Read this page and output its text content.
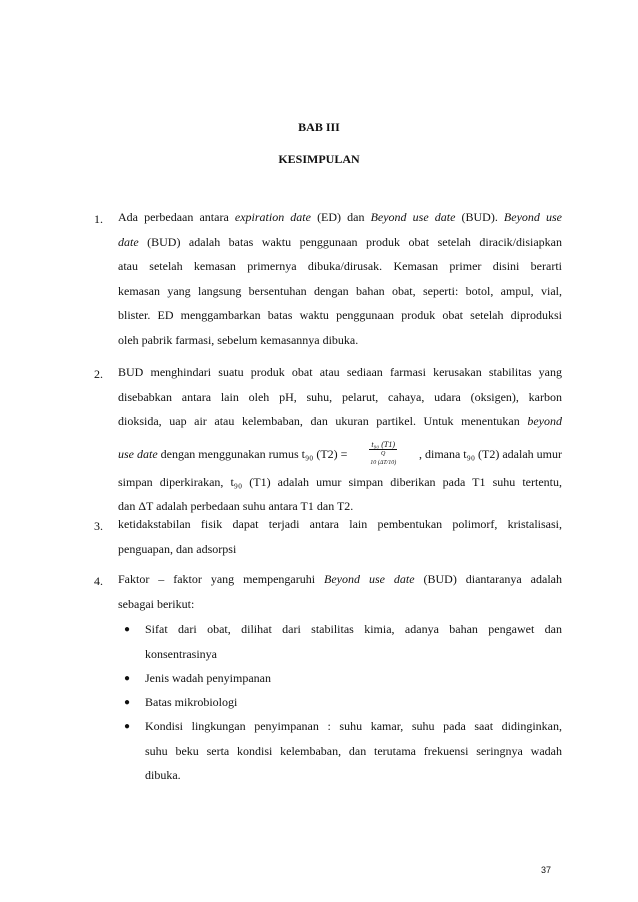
BAB III
KESIMPULAN
1. Ada perbedaan antara expiration date (ED) dan Beyond use date (BUD). Beyond use
date (BUD) adalah batas waktu penggunaan produk obat setelah diracik/disiapkan
atau setelah kemasan primernya dibuka/dirusak. Kemasan primer disini berarti
kemasan yang langsung bersentuhan dengan bahan obat, seperti: botol, ampul, vial,
blister. ED menggambarkan batas waktu penggunaan produk obat setelah diproduksi
oleh pabrik farmasi, sebelum kemasannya dibuka.
2. BUD menghindari suatu produk obat atau sediaan farmasi kerusakan stabilitas yang
disebabkan antara lain oleh pH, suhu, pelarut, cahaya, udara (oksigen), karbon
dioksida, uap air atau kelembaban, dan ukuran partikel. Untuk menentukan beyond
use date dengan menggunakan rumus t₉₀ (T2) =
t₉₀ (T1)
Q
10 (ΔT/10)
, dimana t₉₀ (T2) adalah umur
simpan diperkirakan, t₉₀ (T1) adalah umur simpan diberikan pada T1 suhu tertentu,
dan ΔT adalah perbedaan suhu antara T1 dan T2.
3. ketidakstabilan fisik dapat terjadi antara lain pembentukan polimorf, kristalisasi,
penguapan, dan adsorpsi
4. Faktor – faktor yang mempengaruhi Beyond use date (BUD) diantaranya adalah
sebagai berikut:
● Sifat dari obat, dilihat dari stabilitas kimia, adanya bahan pengawet dan
konsentrasinya
● Jenis wadah penyimpanan
● Batas mikrobiologi
● Kondisi lingkungan penyimpanan : suhu kamar, suhu pada saat didinginkan,
suhu beku serta kondisi kelembaban, dan terutama frekuensi seringnya wadah
dibuka.
37
